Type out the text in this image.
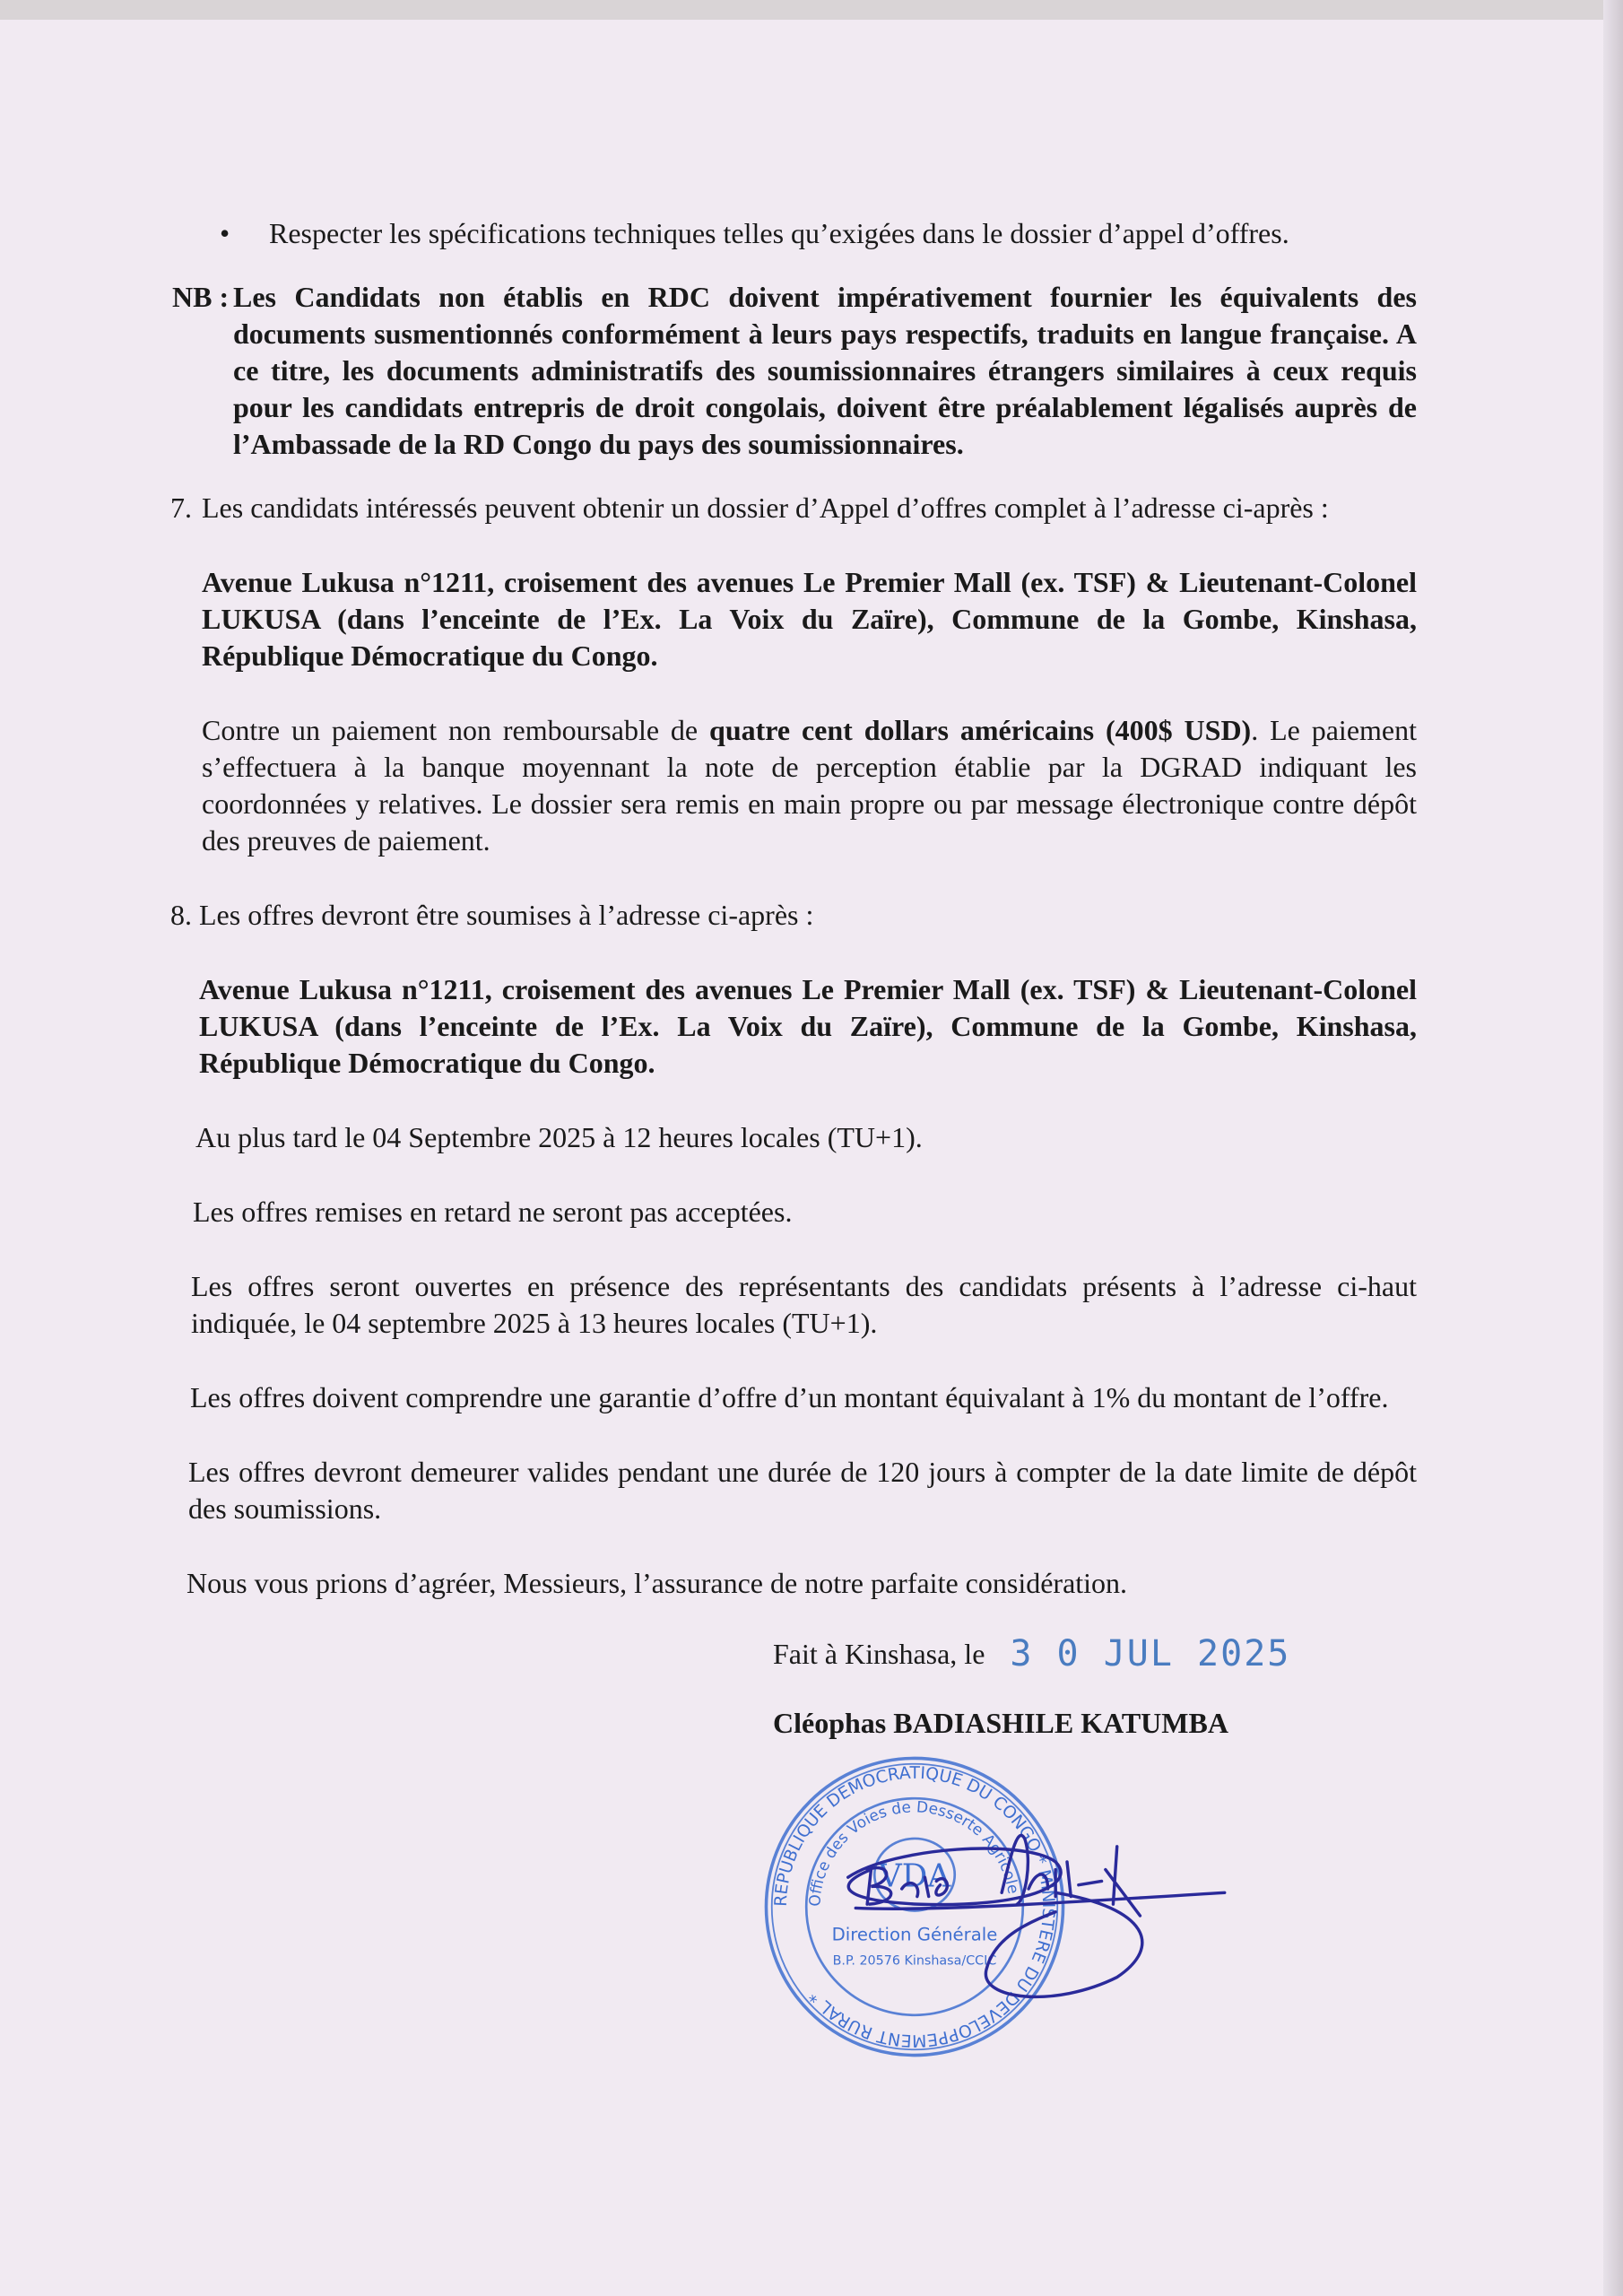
•	Respecter les spécifications techniques telles qu’exigées dans le dossier d’appel d’offres.
NB : Les Candidats non établis en RDC doivent impérativement fournier les équivalents des documents susmentionnés conformément à leurs pays respectifs, traduits en langue française. A ce titre, les documents administratifs des soumissionnaires étrangers similaires à ceux requis pour les candidats entrepris de droit congolais, doivent être préalablement légalisés auprès de l’Ambassade de la RD Congo du pays des soumissionnaires.
7. Les candidats intéressés peuvent obtenir un dossier d’Appel d’offres complet à l’adresse ci-après :
Avenue Lukusa n°1211, croisement des avenues Le Premier Mall (ex. TSF) & Lieutenant-Colonel LUKUSA (dans l’enceinte de l’Ex. La Voix du Zaïre), Commune de la Gombe, Kinshasa, République Démocratique du Congo.
Contre un paiement non remboursable de quatre cent dollars américains (400$ USD). Le paiement s’effectuera à la banque moyennant la note de perception établie par la DGRAD indiquant les coordonnées y relatives. Le dossier sera remis en main propre ou par message électronique contre dépôt des preuves de paiement.
8. Les offres devront être soumises à l’adresse ci-après :
Avenue Lukusa n°1211, croisement des avenues Le Premier Mall (ex. TSF) & Lieutenant-Colonel LUKUSA (dans l’enceinte de l’Ex. La Voix du Zaïre), Commune de la Gombe, Kinshasa, République Démocratique du Congo.
Au plus tard le 04 Septembre 2025 à 12 heures locales (TU+1).
Les offres remises en retard ne seront pas acceptées.
Les offres seront ouvertes en présence des représentants des candidats présents à l’adresse ci-haut indiquée, le 04 septembre 2025 à 13 heures locales (TU+1).
Les offres doivent comprendre une garantie d’offre d’un montant équivalant à 1% du montant de l’offre.
Les offres devront demeurer valides pendant une durée de 120 jours à compter de la date limite de dépôt des soumissions.
Nous vous prions d’agréer, Messieurs, l’assurance de notre parfaite considération.
Fait à Kinshasa, le 3 0 JUL 2025
Cléophas BADIASHILE KATUMBA
REPUBLIQUE DEMOCRATIQUE DU CONGO * MINISTERE DU DEVELOPPEMENT RURAL *
Office des Voies de Desserte Agricole
VDA
Direction Générale
B.P. 20576 Kinshasa/CCIC
